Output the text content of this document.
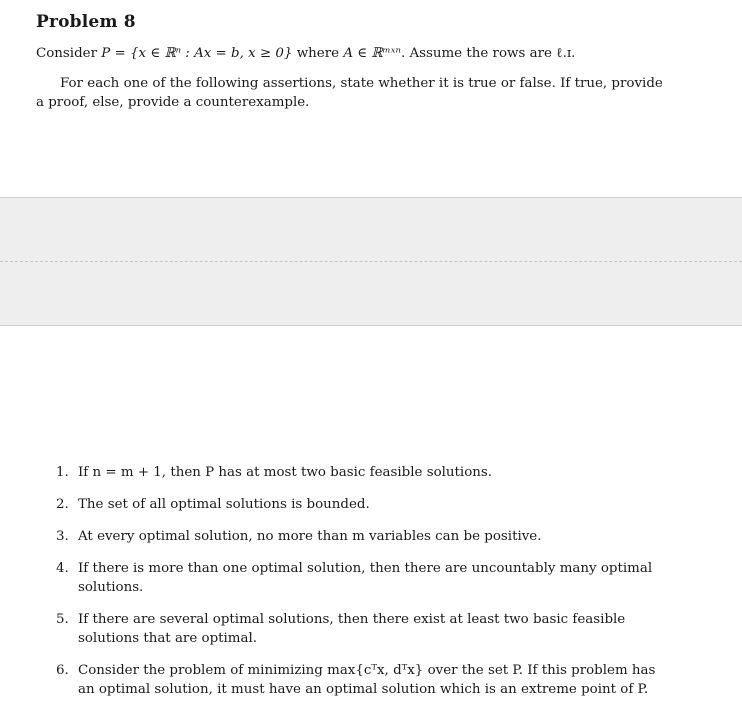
Problem 8
Consider P = {x ∈ ℝⁿ : Ax = b, x ≥ 0} where A ∈ ℝᵐˣⁿ. Assume the rows are ℓ.ɪ.
For each one of the following assertions, state whether it is true or false. If true, provide a proof, else, provide a counterexample.
1. If n = m + 1, then P has at most two basic feasible solutions.
2. The set of all optimal solutions is bounded.
3. At every optimal solution, no more than m variables can be positive.
4. If there is more than one optimal solution, then there are uncountably many optimal solutions.
5. If there are several optimal solutions, then there exist at least two basic feasible solutions that are optimal.
6. Consider the problem of minimizing max{cᵀx, dᵀx} over the set P. If this problem has an optimal solution, it must have an optimal solution which is an extreme point of P.
